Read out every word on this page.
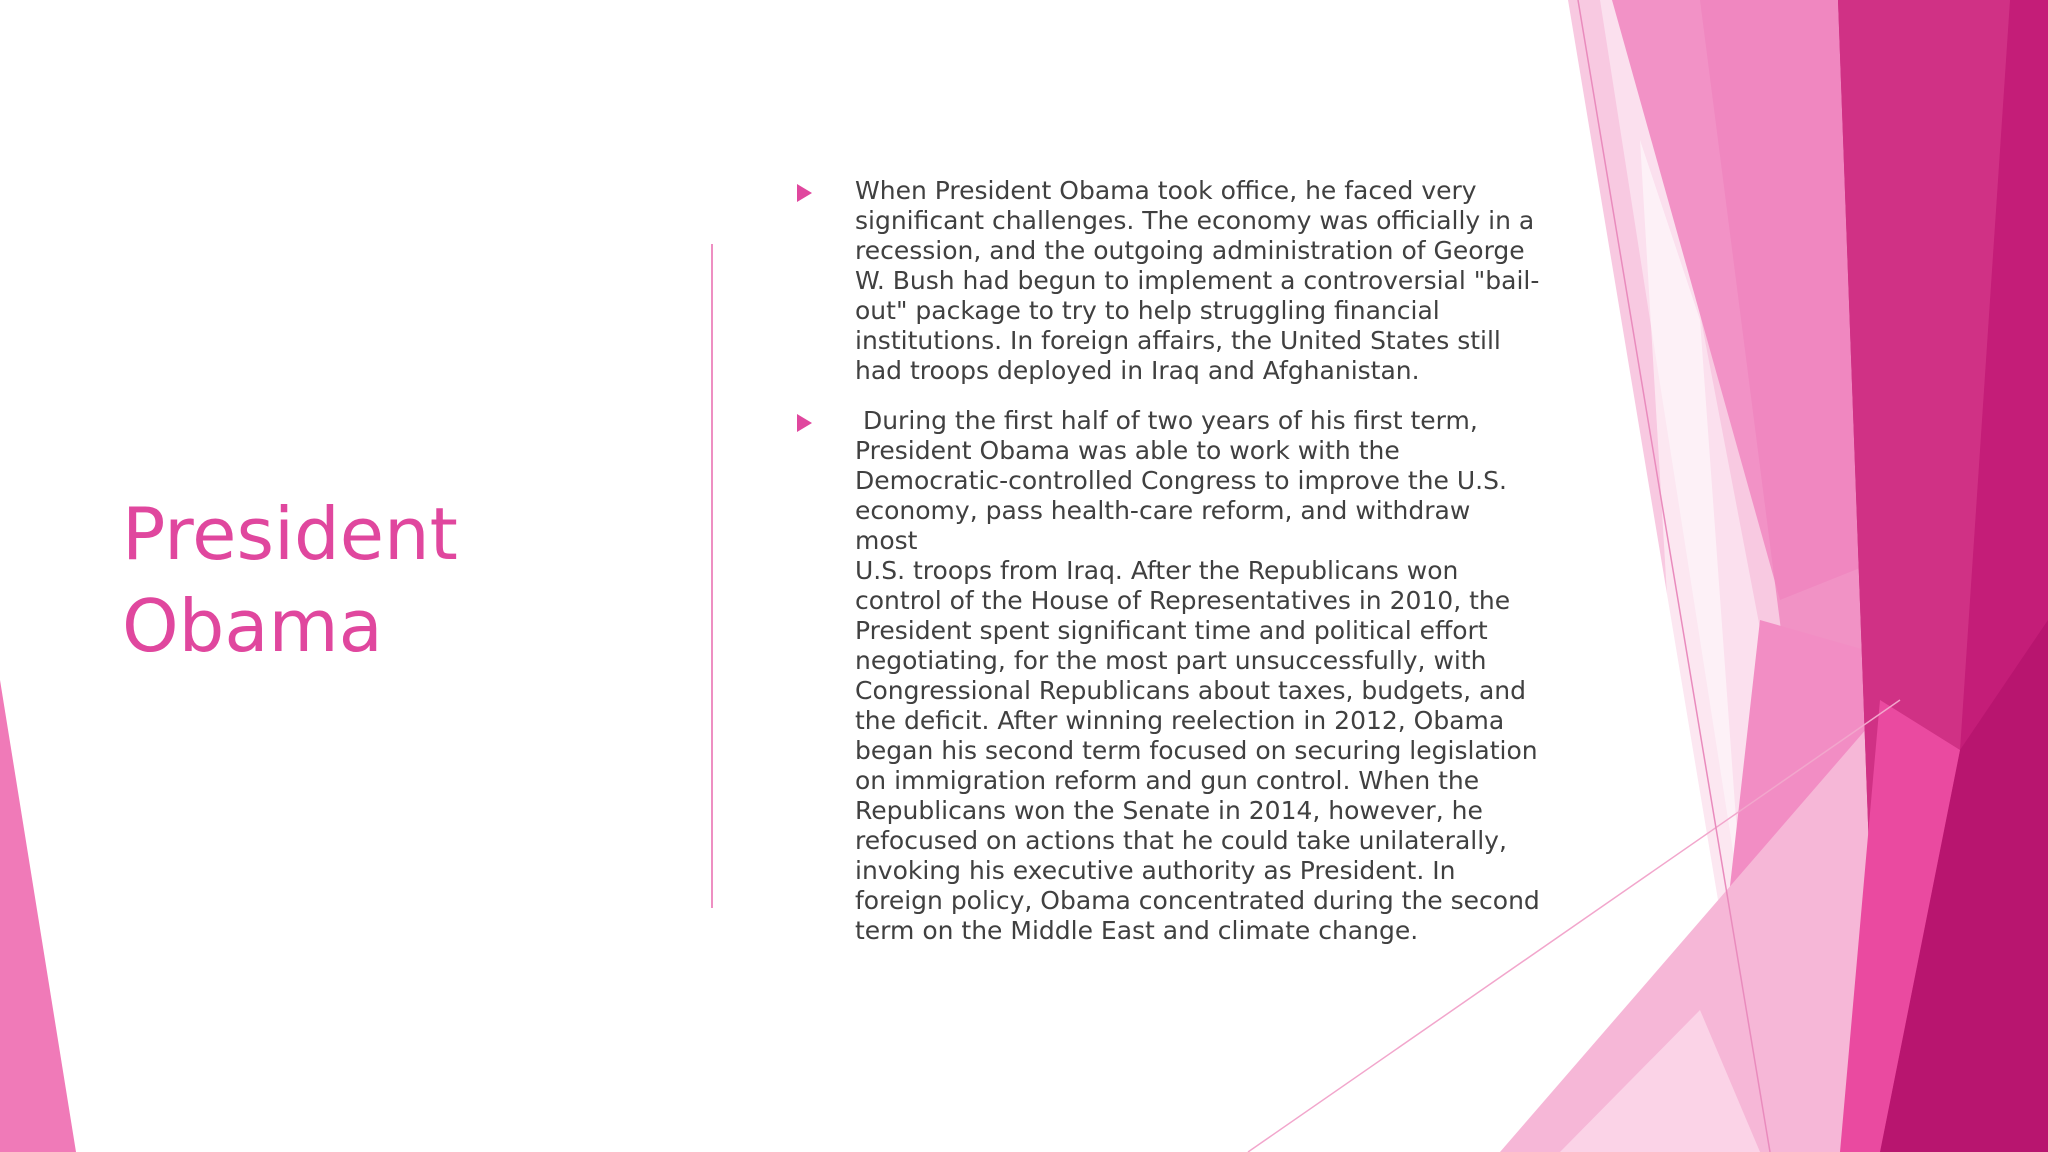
President
Obama
When President Obama took office, he faced very
significant challenges. The economy was officially in a
recession, and the outgoing administration of George
W. Bush had begun to implement a controversial "bail-
out" package to try to help struggling financial
institutions. In foreign affairs, the United States still
had troops deployed in Iraq and Afghanistan.
During the first half of two years of his first term,
President Obama was able to work with the
Democratic-controlled Congress to improve the U.S.
economy, pass health-care reform, and withdraw most
U.S. troops from Iraq. After the Republicans won
control of the House of Representatives in 2010, the
President spent significant time and political effort
negotiating, for the most part unsuccessfully, with
Congressional Republicans about taxes, budgets, and
the deficit. After winning reelection in 2012, Obama
began his second term focused on securing legislation
on immigration reform and gun control. When the
Republicans won the Senate in 2014, however, he
refocused on actions that he could take unilaterally,
invoking his executive authority as President. In
foreign policy, Obama concentrated during the second
term on the Middle East and climate change.
